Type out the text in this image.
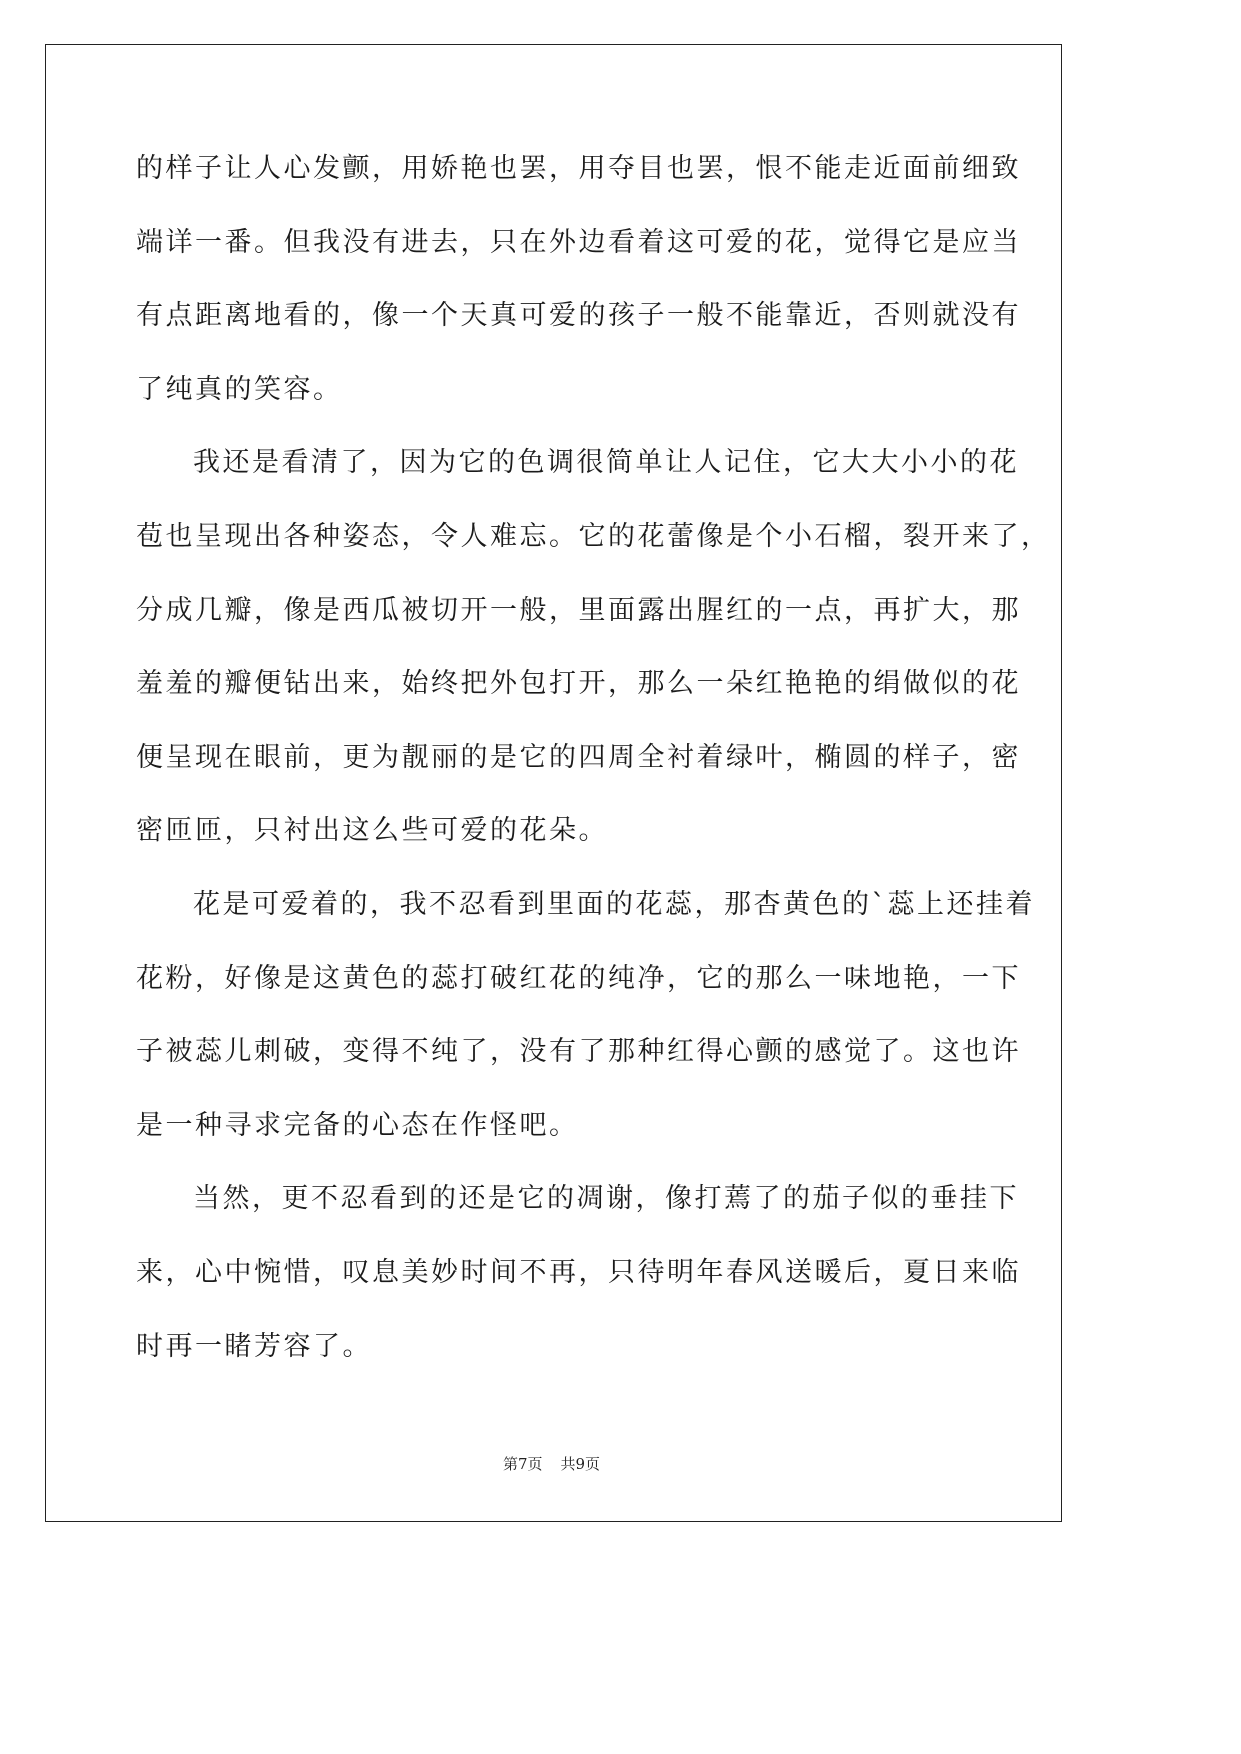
的样子让人心发颤，用娇艳也罢，用夺目也罢，恨不能走近面前细致
端详一番。但我没有进去，只在外边看着这可爱的花，觉得它是应当
有点距离地看的，像一个天真可爱的孩子一般不能靠近，否则就没有
了纯真的笑容。
我还是看清了，因为它的色调很简单让人记住，它大大小小的花
苞也呈现出各种姿态，令人难忘。它的花蕾像是个小石榴，裂开来了，
分成几瓣，像是西瓜被切开一般，里面露出腥红的一点，再扩大，那
羞羞的瓣便钻出来，始终把外包打开，那么一朵红艳艳的绢做似的花
便呈现在眼前，更为靓丽的是它的四周全衬着绿叶，椭圆的样子，密
密匝匝，只衬出这么些可爱的花朵。
花是可爱着的，我不忍看到里面的花蕊，那杏黄色的`蕊上还挂着
花粉，好像是这黄色的蕊打破红花的纯净，它的那么一味地艳，一下
子被蕊儿刺破，变得不纯了，没有了那种红得心颤的感觉了。这也许
是一种寻求完备的心态在作怪吧。
当然，更不忍看到的还是它的凋谢，像打蔫了的茄子似的垂挂下
来，心中惋惜，叹息美妙时间不再，只待明年春风送暖后，夏日来临
时再一睹芳容了。
第7页 共9页
